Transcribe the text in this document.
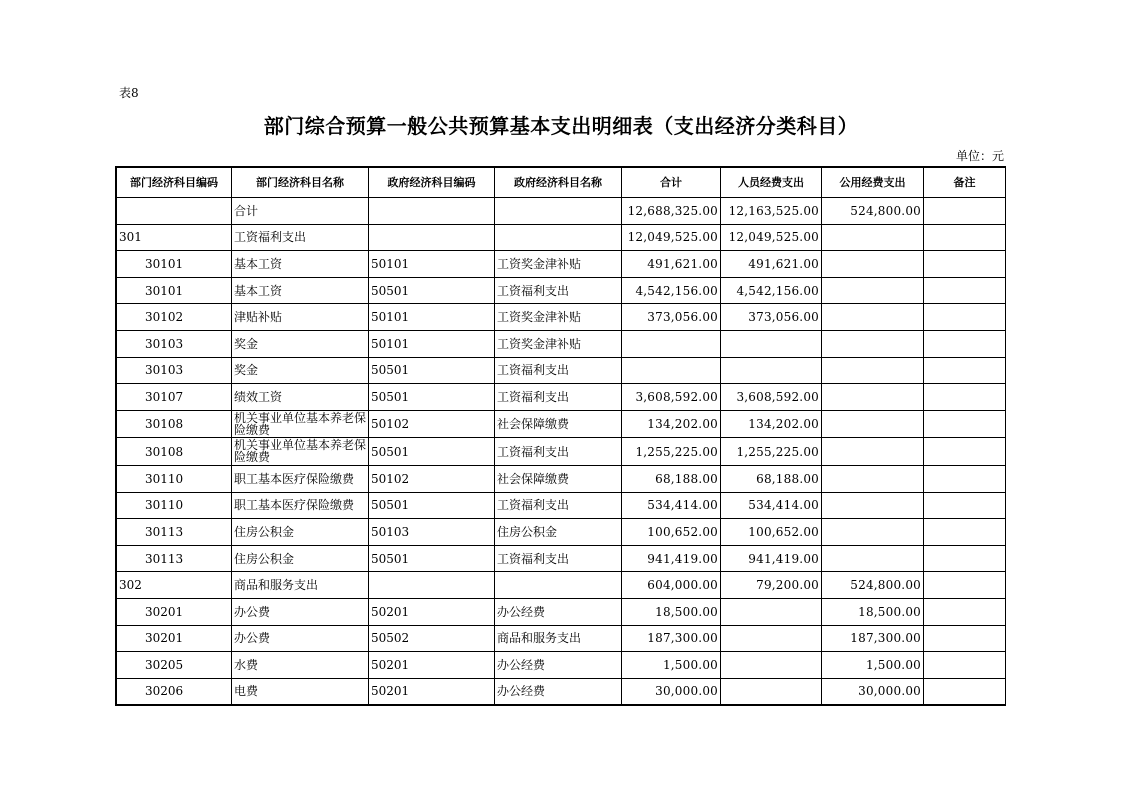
表8
部门综合预算一般公共预算基本支出明细表（支出经济分类科目）
单位：元
部门经济科目编码	部门经济科目名称	政府经济科目编码	政府经济科目名称	合计	人员经费支出	公用经费支出	备注
	合计			12,688,325.00	12,163,525.00	524,800.00	
301	工资福利支出			12,049,525.00	12,049,525.00		
30101	基本工资	50101	工资奖金津补贴	491,621.00	491,621.00		
30101	基本工资	50501	工资福利支出	4,542,156.00	4,542,156.00		
30102	津贴补贴	50101	工资奖金津补贴	373,056.00	373,056.00		
30103	奖金	50101	工资奖金津补贴				
30103	奖金	50501	工资福利支出				
30107	绩效工资	50501	工资福利支出	3,608,592.00	3,608,592.00		
30108	机关事业单位基本养老保险缴费	50102	社会保障缴费	134,202.00	134,202.00		
30108	机关事业单位基本养老保险缴费	50501	工资福利支出	1,255,225.00	1,255,225.00		
30110	职工基本医疗保险缴费	50102	社会保障缴费	68,188.00	68,188.00		
30110	职工基本医疗保险缴费	50501	工资福利支出	534,414.00	534,414.00		
30113	住房公积金	50103	住房公积金	100,652.00	100,652.00		
30113	住房公积金	50501	工资福利支出	941,419.00	941,419.00		
302	商品和服务支出			604,000.00	79,200.00	524,800.00	
30201	办公费	50201	办公经费	18,500.00		18,500.00	
30201	办公费	50502	商品和服务支出	187,300.00		187,300.00	
30205	水费	50201	办公经费	1,500.00		1,500.00	
30206	电费	50201	办公经费	30,000.00		30,000.00	
